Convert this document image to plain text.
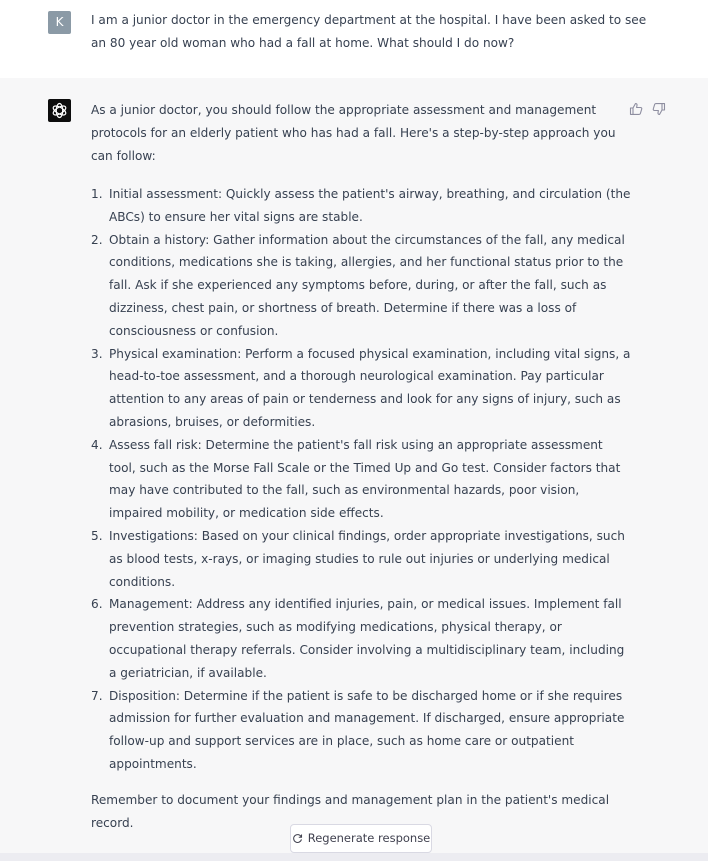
K	I am a junior doctor in the emergency department at the hospital. I have been asked to see an 80 year old woman who had a fall at home. What should I do now?
As a junior doctor, you should follow the appropriate assessment and management protocols for an elderly patient who has had a fall. Here's a step-by-step approach you can follow:
1. Initial assessment: Quickly assess the patient's airway, breathing, and circulation (the ABCs) to ensure her vital signs are stable.
2. Obtain a history: Gather information about the circumstances of the fall, any medical conditions, medications she is taking, allergies, and her functional status prior to the fall. Ask if she experienced any symptoms before, during, or after the fall, such as dizziness, chest pain, or shortness of breath. Determine if there was a loss of consciousness or confusion.
3. Physical examination: Perform a focused physical examination, including vital signs, a head-to-toe assessment, and a thorough neurological examination. Pay particular attention to any areas of pain or tenderness and look for any signs of injury, such as abrasions, bruises, or deformities.
4. Assess fall risk: Determine the patient's fall risk using an appropriate assessment tool, such as the Morse Fall Scale or the Timed Up and Go test. Consider factors that may have contributed to the fall, such as environmental hazards, poor vision, impaired mobility, or medication side effects.
5. Investigations: Based on your clinical findings, order appropriate investigations, such as blood tests, x-rays, or imaging studies to rule out injuries or underlying medical conditions.
6. Management: Address any identified injuries, pain, or medical issues. Implement fall prevention strategies, such as modifying medications, physical therapy, or occupational therapy referrals. Consider involving a multidisciplinary team, including a geriatrician, if available.
7. Disposition: Determine if the patient is safe to be discharged home or if she requires admission for further evaluation and management. If discharged, ensure appropriate follow-up and support services are in place, such as home care or outpatient appointments.
Remember to document your findings and management plan in the patient's medical record.
Regenerate response
